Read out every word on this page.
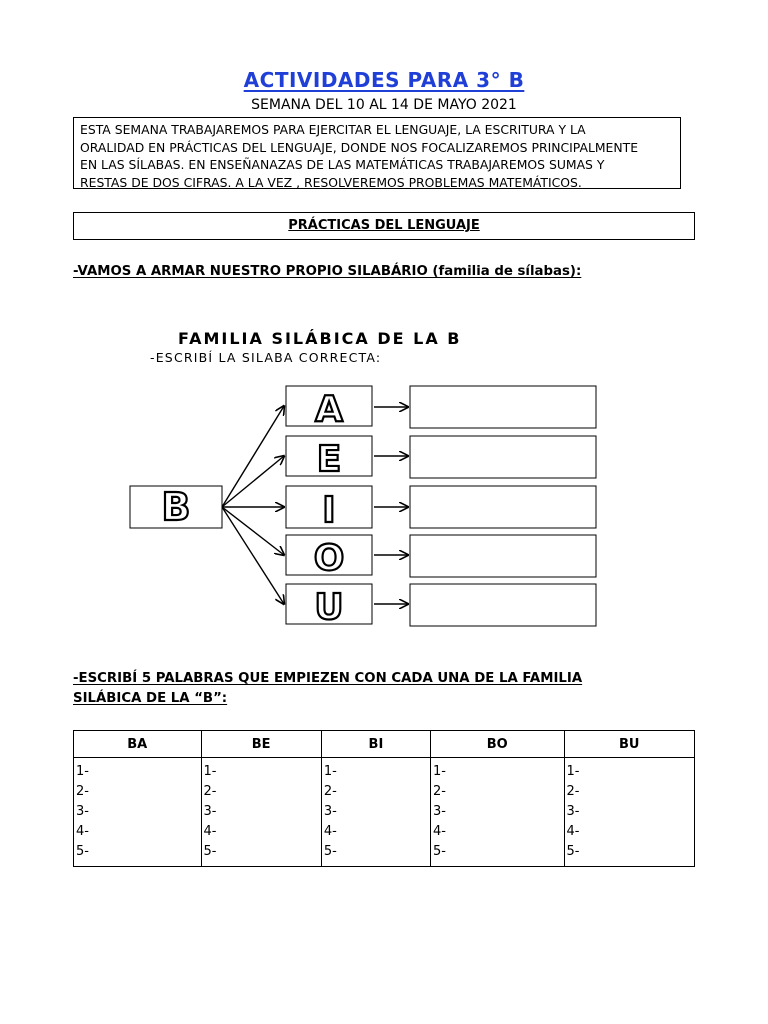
ACTIVIDADES PARA 3° B
SEMANA DEL 10 AL 14 DE MAYO 2021
ESTA SEMANA TRABAJAREMOS PARA EJERCITAR EL LENGUAJE, LA ESCRITURA Y LA
ORALIDAD EN PRÁCTICAS DEL LENGUAJE, DONDE NOS FOCALIZAREMOS PRINCIPALMENTE
EN LAS SÍLABAS. EN ENSEÑANAZAS DE LAS MATEMÁTICAS TRABAJAREMOS SUMAS Y
RESTAS DE DOS CIFRAS. A LA VEZ , RESOLVEREMOS PROBLEMAS MATEMÁTICOS.
PRÁCTICAS DEL LENGUAJE
-VAMOS A ARMAR NUESTRO PROPIO SILABÁRIO (familia de sílabas):
FAMILIA SILÁBICA DE LA B
-ESCRIBÍ LA SILABA CORRECTA:
B
A
E
I
O
U
-ESCRIBÍ 5 PALABRAS QUE EMPIEZEN CON CADA UNA DE LA FAMILIA
SILÁBICA DE LA “B”:
BA	BE	BI	BO	BU

1-
2-
3-
4-
5-	1-
2-
3-
4-
5-	1-
2-
3-
4-
5-	1-
2-
3-
4-
5-	1-
2-
3-
4-
5-
